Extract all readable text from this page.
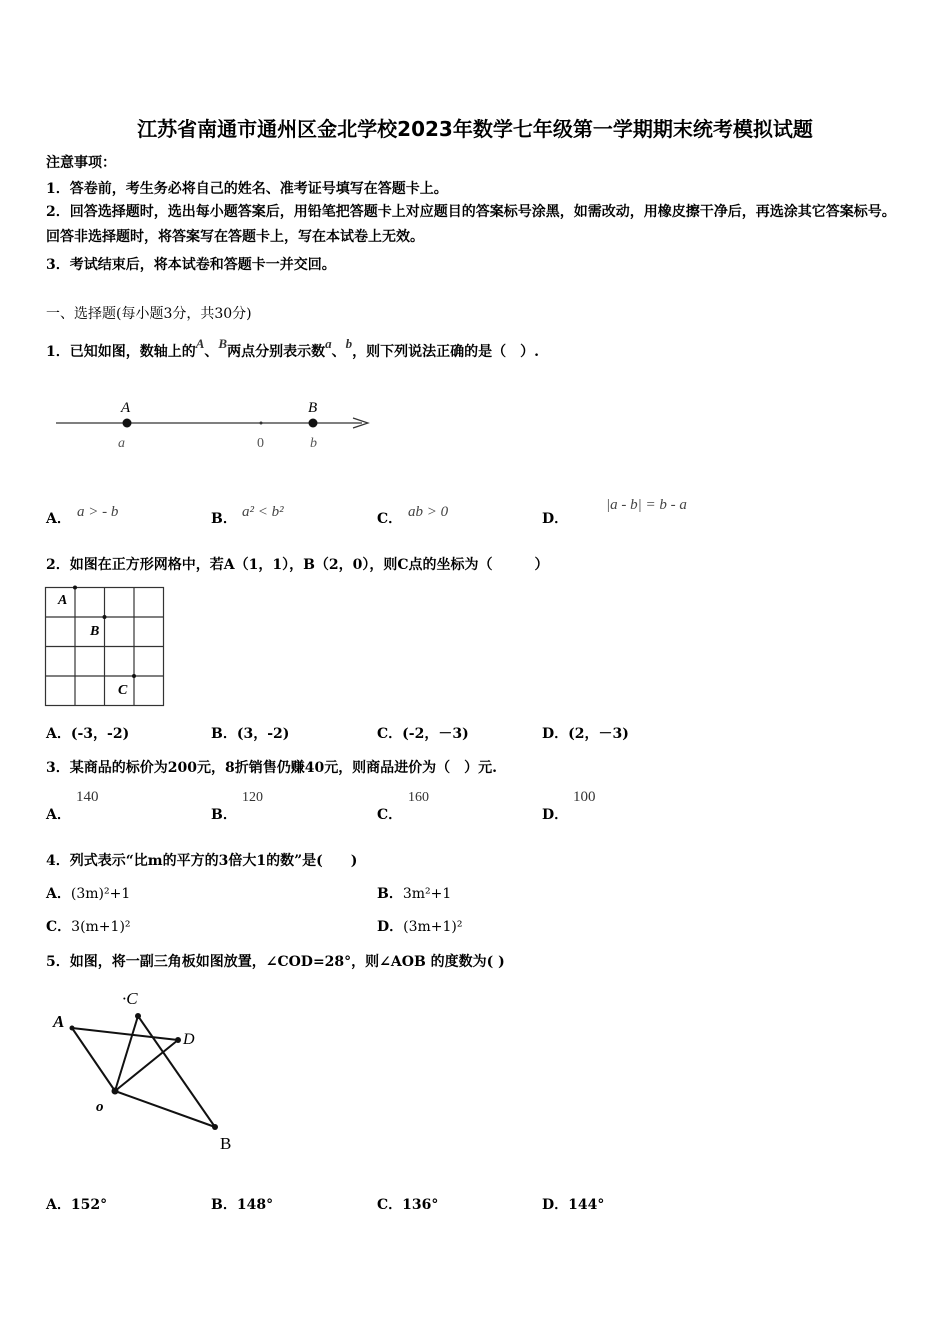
江苏省南通市通州区金北学校2023年数学七年级第一学期期末统考模拟试题
注意事项：
1．答卷前，考生务必将自己的姓名、准考证号填写在答题卡上。
2．回答选择题时，选出每小题答案后，用铅笔把答题卡上对应题目的答案标号涂黑，如需改动，用橡皮擦干净后，再选涂其它答案标号。回答非选择题时，将答案写在答题卡上，写在本试卷上无效。
3．考试结束后，将本试卷和答题卡一并交回。
一、选择题(每小题3分，共30分)
1．已知如图，数轴上的A、B两点分别表示数a、b，则下列说法正确的是（　）.
A	B
a	0	b
A． a > - b	B． a² < b²	C． ab > 0	D．
|a - b| = b - a
2．如图在正方形网格中，若A（1，1），B（2，0），则C点的坐标为（　　　）
A
B
C
A．(-3，-2)	B．(3，-2)	C．(-2，－3)	D．(2，－3)
3．某商品的标价为200元，8折销售仍赚40元，则商品进价为（　）元.
A．
140
B．
120
C．
160
D．
100
4．列式表示“比m的平方的3倍大1的数”是(　　)
A．(3m)²+1	B．3m²+1
C．3(m+1)²	D．(3m+1)²
5．如图，将一副三角板如图放置，∠COD=28°，则∠AOB 的度数为( )
A
·C
D
o
B
A．152°	B．148°	C．136°	D．144°
